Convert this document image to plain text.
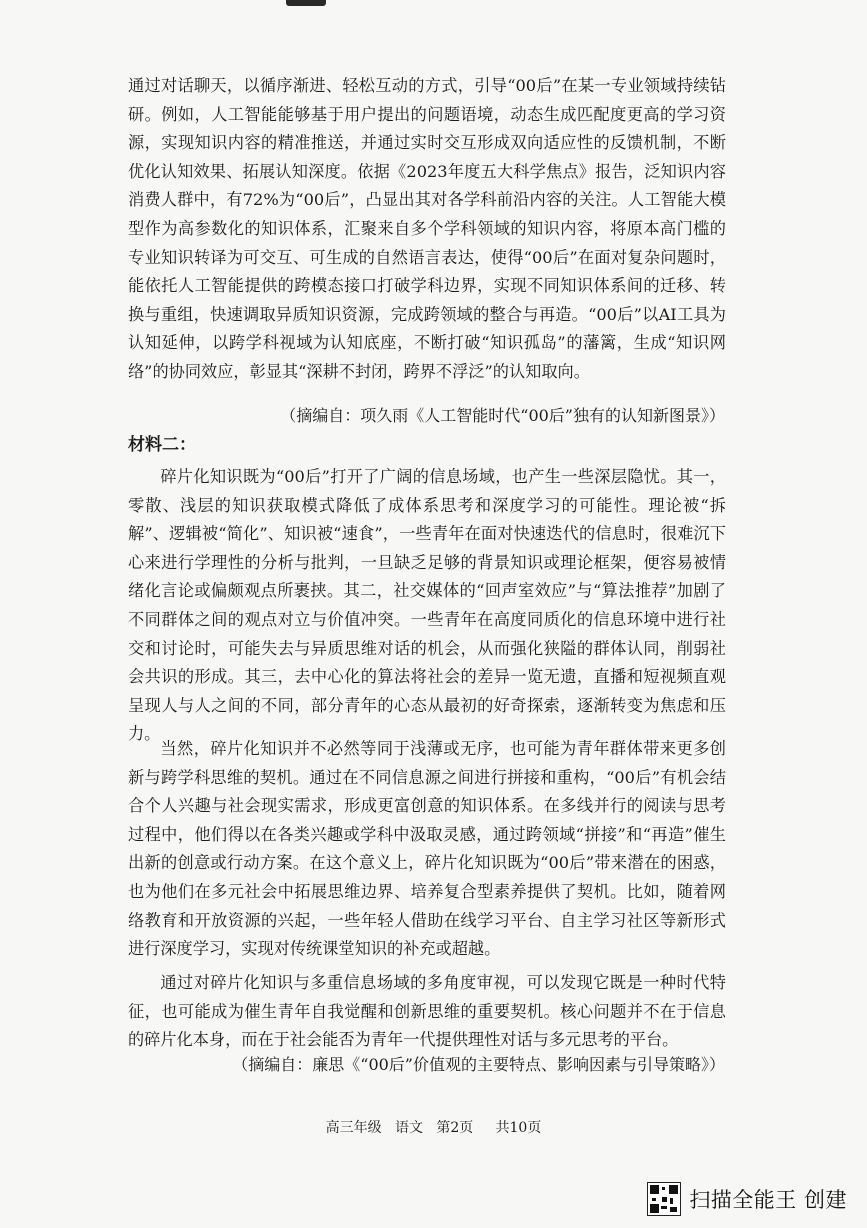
通过对话聊天，以循序渐进、轻松互动的方式，引导“00后”在某一专业领域持续钻研。例如，人工智能能够基于用户提出的问题语境，动态生成匹配度更高的学习资源，实现知识内容的精准推送，并通过实时交互形成双向适应性的反馈机制，不断优化认知效果、拓展认知深度。依据《2023年度五大科学焦点》报告，泛知识内容消费人群中，有72%为“00后”，凸显出其对各学科前沿内容的关注。人工智能大模型作为高参数化的知识体系，汇聚来自多个学科领域的知识内容，将原本高门槛的专业知识转译为可交互、可生成的自然语言表达，使得“00后”在面对复杂问题时，能依托人工智能提供的跨模态接口打破学科边界，实现不同知识体系间的迁移、转换与重组，快速调取异质知识资源，完成跨领域的整合与再造。“00后”以AI工具为认知延伸，以跨学科视域为认知底座，不断打破“知识孤岛”的藩篱，生成“知识网络”的协同效应，彰显其“深耕不封闭，跨界不浮泛”的认知取向。

（摘编自：项久雨《人工智能时代“00后”独有的认知新图景》）
材料二：

碎片化知识既为“00后”打开了广阔的信息场域，也产生一些深层隐忧。其一，零散、浅层的知识获取模式降低了成体系思考和深度学习的可能性。理论被“拆解”、逻辑被“简化”、知识被“速食”，一些青年在面对快速迭代的信息时，很难沉下心来进行学理性的分析与批判，一旦缺乏足够的背景知识或理论框架，便容易被情绪化言论或偏颇观点所裹挟。其二，社交媒体的“回声室效应”与“算法推荐”加剧了不同群体之间的观点对立与价值冲突。一些青年在高度同质化的信息环境中进行社交和讨论时，可能失去与异质思维对话的机会，从而强化狭隘的群体认同，削弱社会共识的形成。其三，去中心化的算法将社会的差异一览无遗，直播和短视频直观呈现人与人之间的不同，部分青年的心态从最初的好奇探索，逐渐转变为焦虑和压力。

当然，碎片化知识并不必然等同于浅薄或无序，也可能为青年群体带来更多创新与跨学科思维的契机。通过在不同信息源之间进行拼接和重构，“00后”有机会结合个人兴趣与社会现实需求，形成更富创意的知识体系。在多线并行的阅读与思考过程中，他们得以在各类兴趣或学科中汲取灵感，通过跨领域“拼接”和“再造”催生出新的创意或行动方案。在这个意义上，碎片化知识既为“00后”带来潜在的困惑，也为他们在多元社会中拓展思维边界、培养复合型素养提供了契机。比如，随着网络教育和开放资源的兴起，一些年轻人借助在线学习平台、自主学习社区等新形式进行深度学习，实现对传统课堂知识的补充或超越。

通过对碎片化知识与多重信息场域的多角度审视，可以发现它既是一种时代特征，也可能成为催生青年自我觉醒和创新思维的重要契机。核心问题并不在于信息的碎片化本身，而在于社会能否为青年一代提供理性对话与多元思考的平台。

（摘编自：廉思《“00后”价值观的主要特点、影响因素与引导策略》）
高三年级   语文   第2页     共10页
扫描全能王 创建
